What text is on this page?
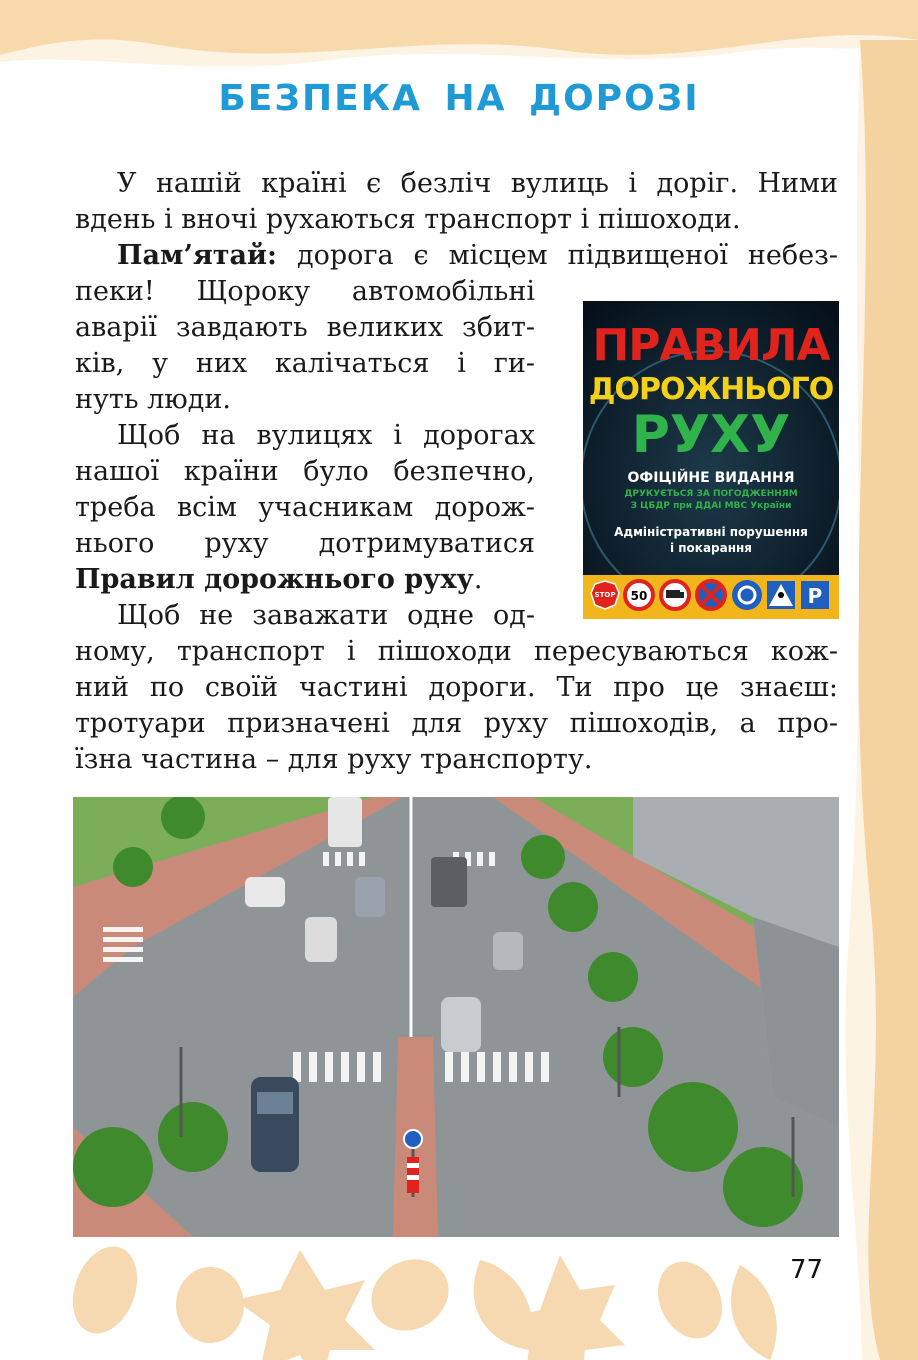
БЕЗПЕКА НА ДОРОЗІ
У нашій країні є безліч вулиць і доріг. Ними
вдень і вночі рухаються транспорт і пішоходи.
Пам’ятай: дорога є місцем підвищеної небез-
пеки! Щороку автомобільні
аварії завдають великих збит-
ків, у них калічаться і ги-
нуть люди.
Щоб на вулицях і дорогах
нашої країни було безпечно,
треба всім учасникам дорож-
нього руху дотримуватися
Правил дорожнього руху.
Щоб не заважати одне од-
ному, транспорт і пішоходи пересуваються кож-
ний по своїй частині дороги. Ти про це знаєш:
тротуари призначені для руху пішоходів, а про-
їзна частина – для руху транспорту.
ПРАВИЛА
ДОРОЖНЬОГО
РУХУ
ОФІЦІЙНЕ ВИДАННЯ
ДРУКУЄТЬСЯ ЗА ПОГОДЖЕННЯМ
З ЦБДР при ДДАІ МВС України
Адміністративні порушення
і покарання
STOP 50	P
77
